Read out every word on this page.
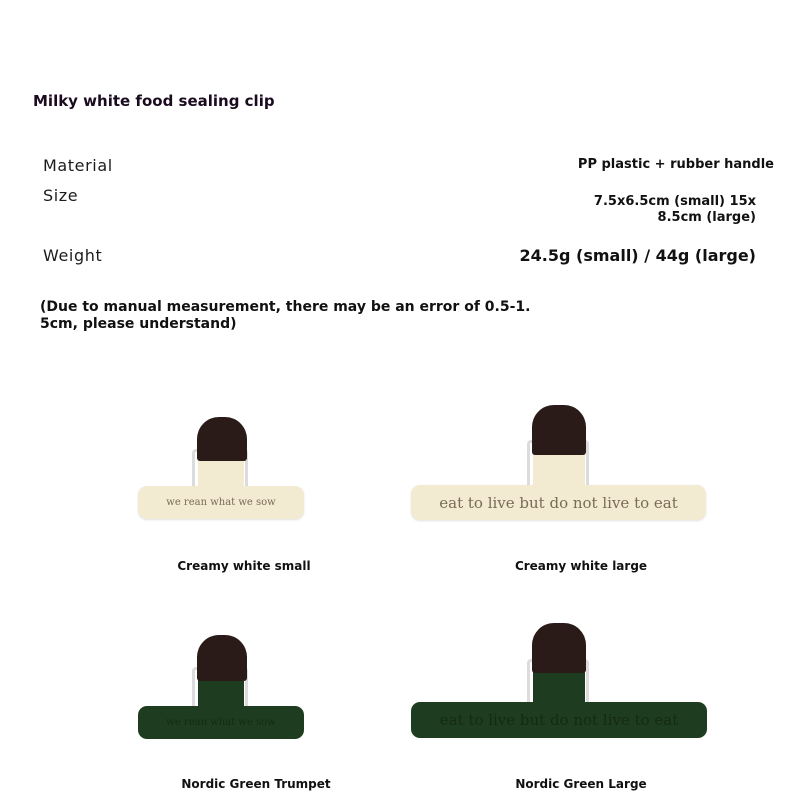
Milky white food sealing clip
Material	PP plastic + rubber handle
Size	7.5x6.5cm (small) 15x
8.5cm (large)
Weight	24.5g (small) / 44g (large)
(Due to manual measurement, there may be an error of 0.5-1.
5cm, please understand)
we rean what we sow
Creamy white small
eat to live but do not live to eat
Creamy white large
we rean what we sow
Nordic Green Trumpet
eat to live but do not live to eat
Nordic Green Large
